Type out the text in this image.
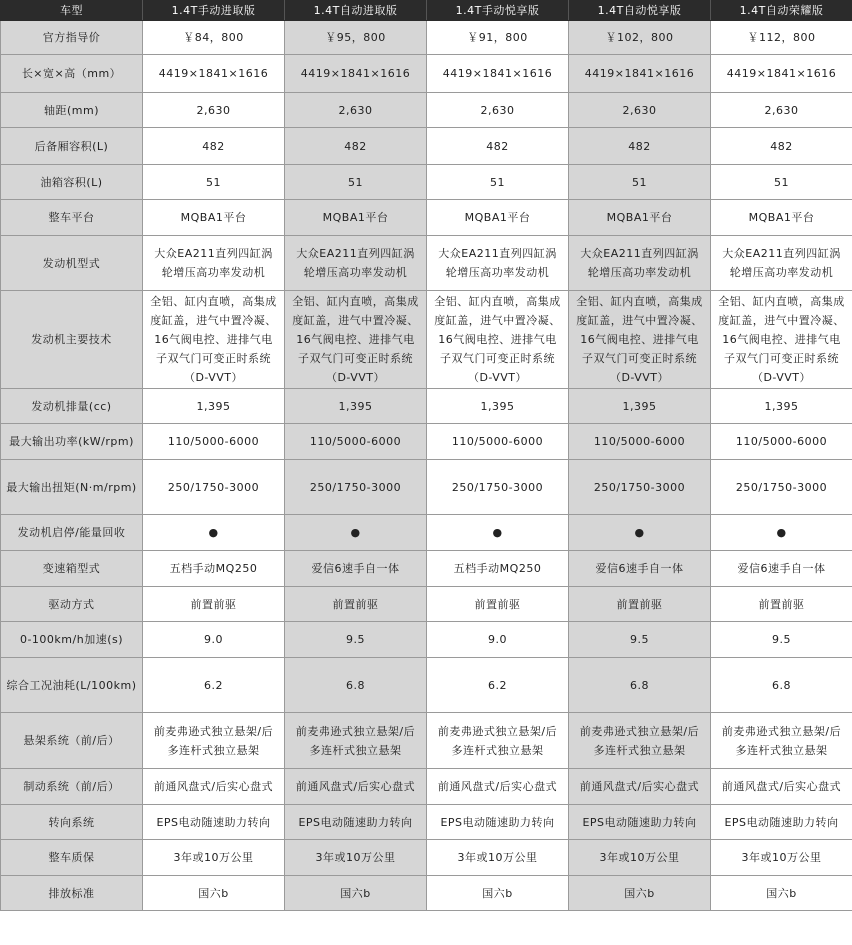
车型	1.4T手动进取版	1.4T自动进取版	1.4T手动悦享版	1.4T自动悦享版	1.4T自动荣耀版
官方指导价	￥84，800	￥95，800	￥91，800	￥102，800	￥112，800
长×宽×高（mm）	4419×1841×1616	4419×1841×1616	4419×1841×1616	4419×1841×1616	4419×1841×1616
轴距(mm)	2,630	2,630	2,630	2,630	2,630
后备厢容积(L)	482	482	482	482	482
油箱容积(L)	51	51	51	51	51
整车平台	MQBA1平台	MQBA1平台	MQBA1平台	MQBA1平台	MQBA1平台
发动机型式	大众EA211直列四缸涡轮增压高功率发动机	大众EA211直列四缸涡轮增压高功率发动机	大众EA211直列四缸涡轮增压高功率发动机	大众EA211直列四缸涡轮增压高功率发动机	大众EA211直列四缸涡轮增压高功率发动机
发动机主要技术	全铝、缸内直喷，高集成度缸盖，进气中置冷凝、16气阀电控、进排气电子双气门可变正时系统（D-VVT）	全铝、缸内直喷，高集成度缸盖，进气中置冷凝、16气阀电控、进排气电子双气门可变正时系统（D-VVT）	全铝、缸内直喷，高集成度缸盖，进气中置冷凝、16气阀电控、进排气电子双气门可变正时系统（D-VVT）	全铝、缸内直喷，高集成度缸盖，进气中置冷凝、16气阀电控、进排气电子双气门可变正时系统（D-VVT）	全铝、缸内直喷，高集成度缸盖，进气中置冷凝、16气阀电控、进排气电子双气门可变正时系统（D-VVT）
发动机排量(cc)	1,395	1,395	1,395	1,395	1,395
最大输出功率(kW/rpm)	110/5000-6000	110/5000-6000	110/5000-6000	110/5000-6000	110/5000-6000
最大输出扭矩(N·m/rpm)	250/1750-3000	250/1750-3000	250/1750-3000	250/1750-3000	250/1750-3000
发动机启停/能量回收	●	●	●	●	●
变速箱型式	五档手动MQ250	爱信6速手自一体	五档手动MQ250	爱信6速手自一体	爱信6速手自一体
驱动方式	前置前驱	前置前驱	前置前驱	前置前驱	前置前驱
0-100km/h加速(s)	9.0	9.5	9.0	9.5	9.5
综合工况油耗(L/100km)	6.2	6.8	6.2	6.8	6.8
悬架系统（前/后）	前麦弗逊式独立悬架/后多连杆式独立悬架	前麦弗逊式独立悬架/后多连杆式独立悬架	前麦弗逊式独立悬架/后多连杆式独立悬架	前麦弗逊式独立悬架/后多连杆式独立悬架	前麦弗逊式独立悬架/后多连杆式独立悬架
制动系统（前/后）	前通风盘式/后实心盘式	前通风盘式/后实心盘式	前通风盘式/后实心盘式	前通风盘式/后实心盘式	前通风盘式/后实心盘式
转向系统	EPS电动随速助力转向	EPS电动随速助力转向	EPS电动随速助力转向	EPS电动随速助力转向	EPS电动随速助力转向
整车质保	3年或10万公里	3年或10万公里	3年或10万公里	3年或10万公里	3年或10万公里
排放标准	国六b	国六b	国六b	国六b	国六b
